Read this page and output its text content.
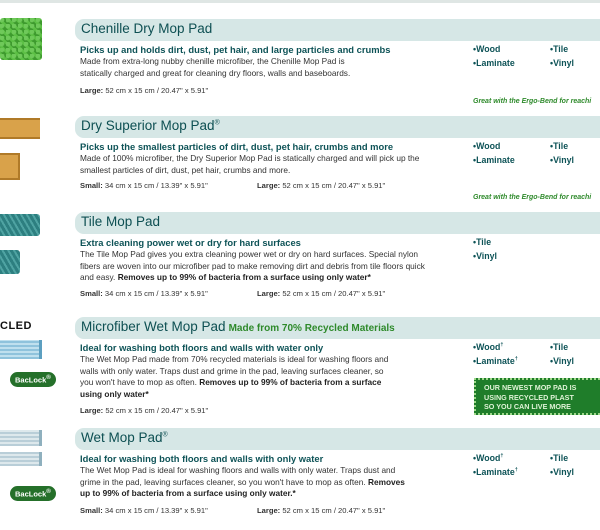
CLED
BacLock®
BacLock®
Chenille Dry Mop Pad
Picks up and holds dirt, dust, pet hair, and large particles and crumbs
Made from extra-long nubby chenille microfiber, the Chenille Mop Pad is statically charged and great for cleaning dry floors, walls and baseboards.
Large: 52 cm x 15 cm / 20.47" x 5.91"
•Wood	•Tile
•Laminate	•Vinyl
Great with the Ergo-Bend for reachi
Dry Superior Mop Pad®
Picks up the smallest particles of dirt, dust, pet hair, crumbs and more
Made of 100% microfiber, the Dry Superior Mop Pad is statically charged and will pick up the smallest particles of dirt, dust, pet hair, crumbs and more.
Small: 34 cm x 15 cm / 13.39" x 5.91"	Large: 52 cm x 15 cm / 20.47" x 5.91"
•Wood	•Tile
•Laminate	•Vinyl
Great with the Ergo-Bend for reachi
Tile Mop Pad
Extra cleaning power wet or dry for hard surfaces
The Tile Mop Pad gives you extra cleaning power wet or dry on hard surfaces. Special nylon fibers are woven into our microfiber pad to make removing dirt and debris from tile floors quick and easy. Removes up to 99% of bacteria from a surface using only water*
Small: 34 cm x 15 cm / 13.39" x 5.91"	Large: 52 cm x 15 cm / 20.47" x 5.91"
•Tile
•Vinyl
Microfiber Wet Mop Pad Made from 70% Recycled Materials
Ideal for washing both floors and walls with water only
The Wet Mop Pad made from 70% recycled materials is ideal for washing floors and walls with only water. Traps dust and grime in the pad, leaving surfaces cleaner, so you won't have to mop as often. Removes up to 99% of bacteria from a surface using only water*
Large: 52 cm x 15 cm / 20.47" x 5.91"
•Wood†	•Tile
•Laminate†	•Vinyl
OUR NEWEST MOP PAD IS
USING RECYCLED PLAST
SO YOU CAN LIVE MORE
Wet Mop Pad®
Ideal for washing both floors and walls with only water
The Wet Mop Pad is ideal for washing floors and walls with only water. Traps dust and grime in the pad, leaving surfaces cleaner, so you won't have to mop as often. Removes up to 99% of bacteria from a surface using only water.*
Small: 34 cm x 15 cm / 13.39" x 5.91"	Large: 52 cm x 15 cm / 20.47" x 5.91"
•Wood†	•Tile
•Laminate†	•Vinyl
